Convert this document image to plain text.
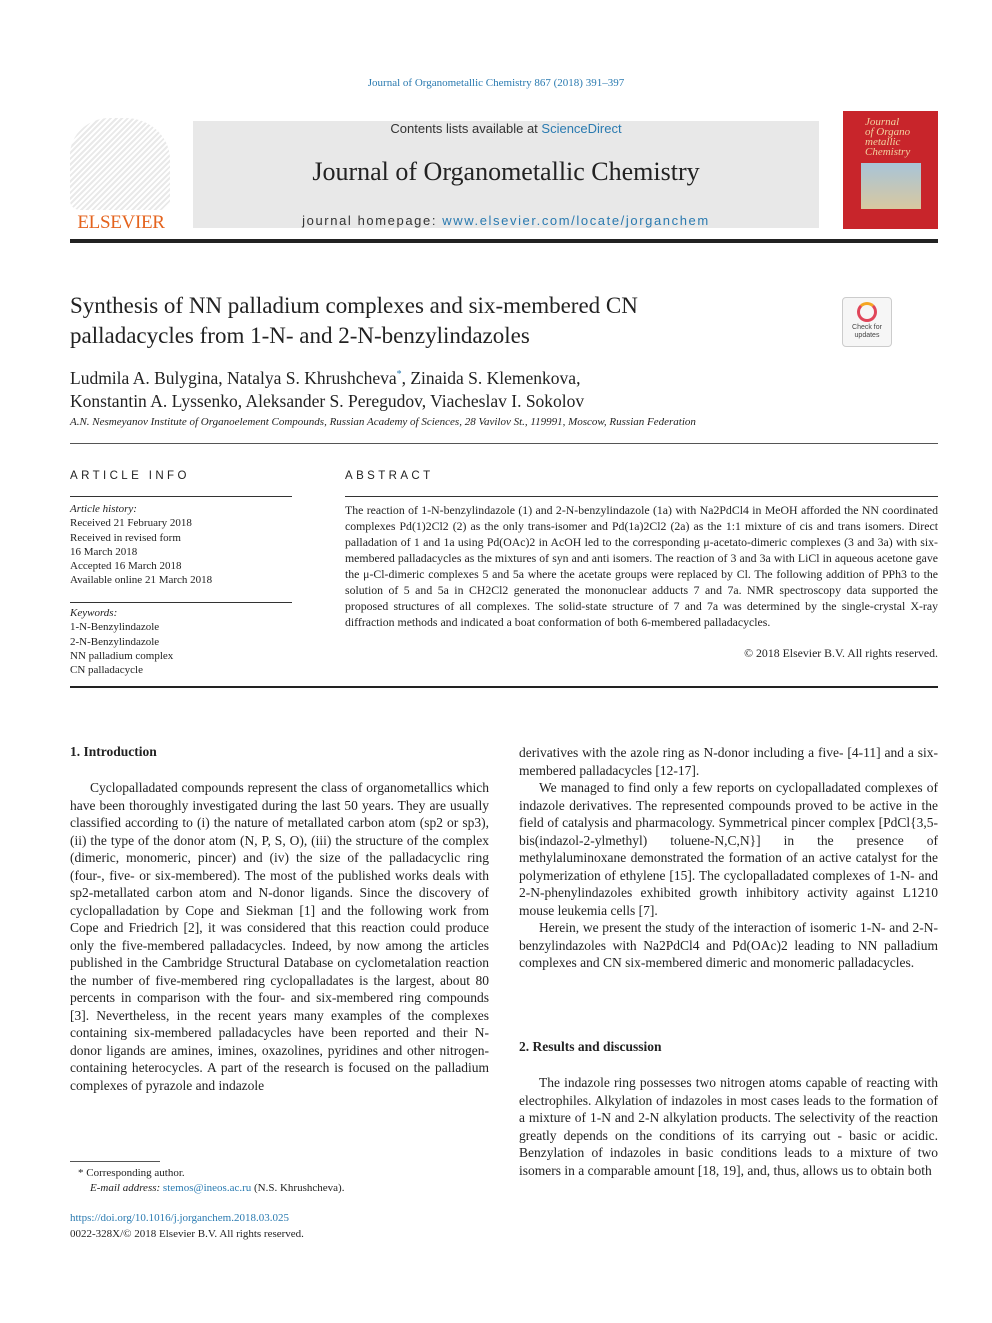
Journal of Organometallic Chemistry 867 (2018) 391–397
ELSEVIER
Contents lists available at ScienceDirect
Journal of Organometallic Chemistry
journal homepage: www.elsevier.com/locate/jorganchem
Journal
of Organo
metallic
Chemistry
Synthesis of NN palladium complexes and six-membered CN
palladacycles from 1-N- and 2-N-benzylindazoles	Check for updates
Ludmila A. Bulygina, Natalya S. Khrushcheva*, Zinaida S. Klemenkova,
Konstantin A. Lyssenko, Aleksander S. Peregudov, Viacheslav I. Sokolov
A.N. Nesmeyanov Institute of Organoelement Compounds, Russian Academy of Sciences, 28 Vavilov St., 119991, Moscow, Russian Federation
ARTICLE INFO	ABSTRACT
Article history:
Received 21 February 2018
Received in revised form
16 March 2018
Accepted 16 March 2018
Available online 21 March 2018
Keywords:
1-N-Benzylindazole
2-N-Benzylindazole
NN palladium complex
CN palladacycle
The reaction of 1-N-benzylindazole (1) and 2-N-benzylindazole (1a) with Na2PdCl4 in MeOH afforded the NN coordinated complexes Pd(1)2Cl2 (2) as the only trans-isomer and Pd(1a)2Cl2 (2a) as the 1:1 mixture of cis and trans isomers. Direct palladation of 1 and 1a using Pd(OAc)2 in AcOH led to the corresponding μ-acetato-dimeric complexes (3 and 3a) with six-membered palladacycles as the mixtures of syn and anti isomers. The reaction of 3 and 3a with LiCl in aqueous acetone gave the μ-Cl-dimeric complexes 5 and 5a where the acetate groups were replaced by Cl. The following addition of PPh3 to the solution of 5 and 5a in CH2Cl2 generated the mononuclear adducts 7 and 7a. NMR spectroscopy data supported the proposed structures of all complexes. The solid-state structure of 7 and 7a was determined by the single-crystal X-ray diffraction methods and indicated a boat conformation of both 6-membered palladacycles.
© 2018 Elsevier B.V. All rights reserved.
1. Introduction

Cyclopalladated compounds represent the class of organometallics which have been thoroughly investigated during the last 50 years. They are usually classified according to (i) the nature of metallated carbon atom (sp2 or sp3), (ii) the type of the donor atom (N, P, S, O), (iii) the structure of the complex (dimeric, monomeric, pincer) and (iv) the size of the palladacyclic ring (four-, five- or six-membered). The most of the published works deals with sp2-metallated carbon atom and N-donor ligands. Since the discovery of cyclopalladation by Cope and Siekman [1] and the following work from Cope and Friedrich [2], it was considered that this reaction could produce only the five-membered palladacycles. Indeed, by now among the articles published in the Cambridge Structural Database on cyclometalation reaction the number of five-membered ring cyclopalladates is the largest, about 80 percents in comparison with the four- and six-membered ring compounds [3]. Nevertheless, in the recent years many examples of the complexes containing six-membered palladacycles have been reported and their N-donor ligands are amines, imines, oxazolines, pyridines and other nitrogen-containing heterocycles. A part of the research is focused on the palladium complexes of pyrazole and indazole

derivatives with the azole ring as N-donor including a five- [4-11] and a six-membered palladacycles [12-17].

We managed to find only a few reports on cyclopalladated complexes of indazole derivatives. The represented compounds proved to be active in the field of catalysis and pharmacology. Symmetrical pincer complex [PdCl{3,5-bis(indazol-2-ylmethyl) toluene-N,C,N}] in the presence of methylaluminoxane demonstrated the formation of an active catalyst for the polymerization of ethylene [15]. The cyclopalladated complexes of 1-N- and 2-N-phenylindazoles exhibited growth inhibitory activity against L1210 mouse leukemia cells [7].

Herein, we present the study of the interaction of isomeric 1-N- and 2-N-benzylindazoles with Na2PdCl4 and Pd(OAc)2 leading to NN palladium complexes and CN six-membered dimeric and monomeric palladacycles.

2. Results and discussion

The indazole ring possesses two nitrogen atoms capable of reacting with electrophiles. Alkylation of indazoles in most cases leads to the formation of a mixture of 1-N and 2-N alkylation products. The selectivity of the reaction greatly depends on the conditions of its carrying out - basic or acidic. Benzylation of indazoles in basic conditions leads to a mixture of two isomers in a comparable amount [18, 19], and, thus, allows us to obtain both

* Corresponding author.
E-mail address: stemos@ineos.ac.ru (N.S. Khrushcheva).
https://doi.org/10.1016/j.jorganchem.2018.03.025
0022-328X/© 2018 Elsevier B.V. All rights reserved.
